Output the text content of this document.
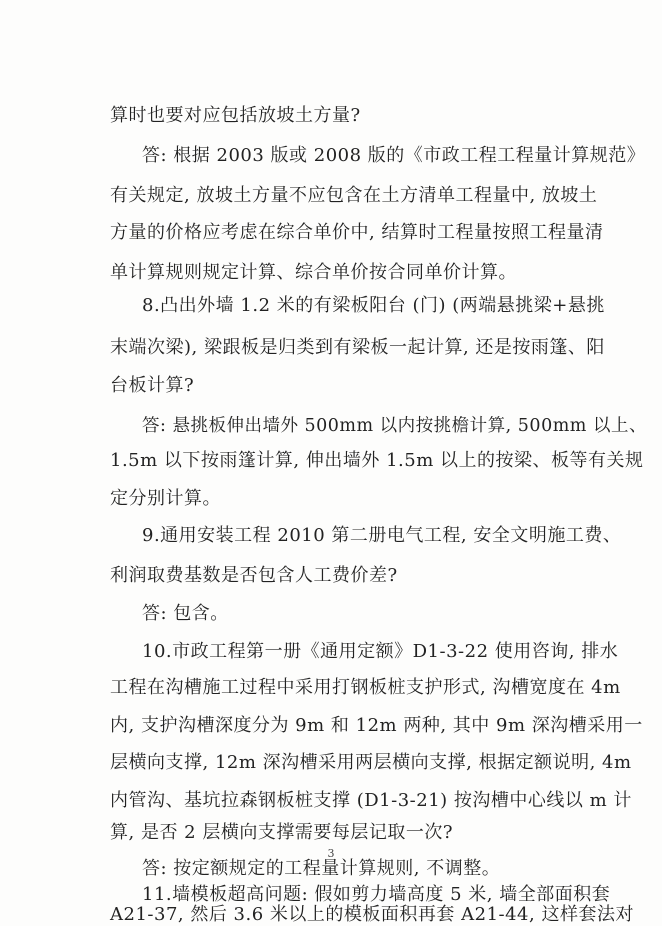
算时也要对应包括放坡土方量?
答: 根据 2003 版或 2008 版的《市政工程工程量计算规范》
有关规定, 放坡土方量不应包含在土方清单工程量中, 放坡土
方量的价格应考虑在综合单价中, 结算时工程量按照工程量清
单计算规则规定计算、综合单价按合同单价计算。
8.凸出外墙 1.2 米的有梁板阳台 (门) (两端悬挑梁+悬挑
末端次梁), 梁跟板是归类到有梁板一起计算, 还是按雨篷、阳
台板计算?
答: 悬挑板伸出墙外 500mm 以内按挑檐计算, 500mm 以上、
1.5m 以下按雨篷计算, 伸出墙外 1.5m 以上的按梁、板等有关规
定分别计算。
9.通用安装工程 2010 第二册电气工程, 安全文明施工费、
利润取费基数是否包含人工费价差?
答: 包含。
10.市政工程第一册《通用定额》D1-3-22 使用咨询, 排水
工程在沟槽施工过程中采用打钢板桩支护形式, 沟槽宽度在 4m
内, 支护沟槽深度分为 9m 和 12m 两种, 其中 9m 深沟槽采用一
层横向支撑, 12m 深沟槽采用两层横向支撑, 根据定额说明, 4m
内管沟、基坑拉森钢板桩支撑 (D1-3-21) 按沟槽中心线以 m 计
算, 是否 2 层横向支撑需要每层记取一次?
答: 按定额规定的工程量计算规则, 不调整。
11.墙模板超高问题: 假如剪力墙高度 5 米, 墙全部面积套
A21-37, 然后 3.6 米以上的模板面积再套 A21-44, 这样套法对
3
